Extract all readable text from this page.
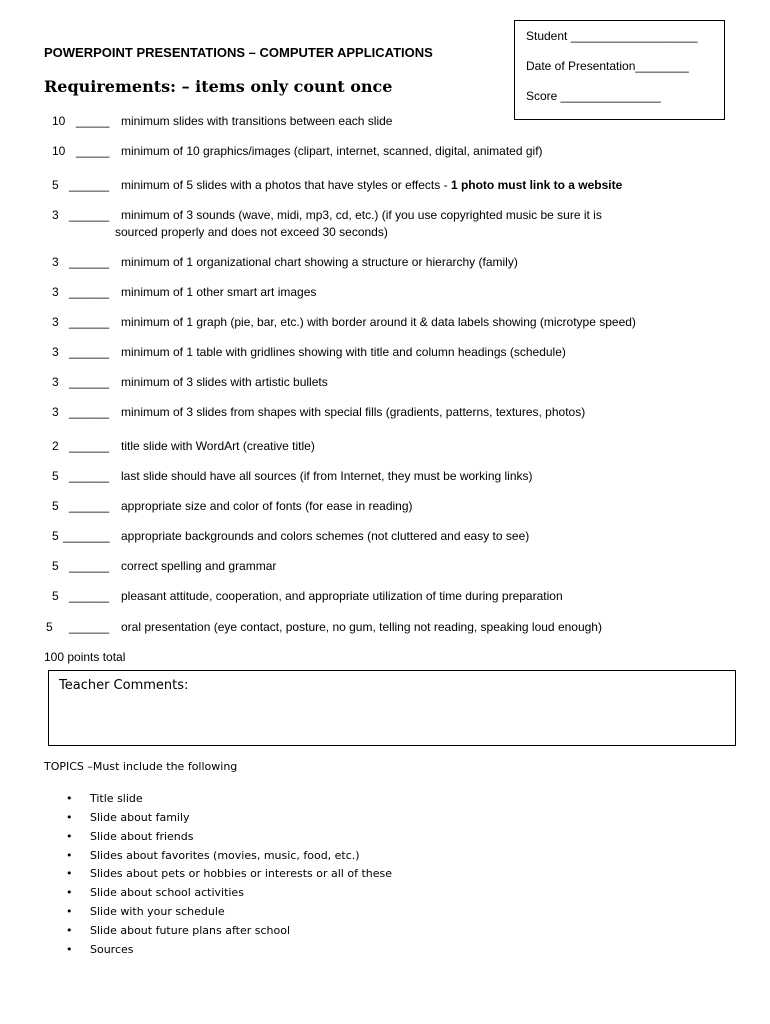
Student ___________________
Date of Presentation________
Score _______________
POWERPOINT PRESENTATIONS – COMPUTER APPLICATIONS
Requirements: – items only count once
10 _____ minimum slides with transitions between each slide
10 _____ minimum of 10 graphics/images (clipart, internet, scanned, digital, animated gif)
5 ______ minimum of 5 slides with a photos that have styles or effects - 1 photo must link to a website
3 ______ minimum of 3 sounds (wave, midi, mp3, cd, etc.) (if you use copyrighted music be sure it is
sourced properly and does not exceed 30 seconds)
3 ______ minimum of 1 organizational chart showing a structure or hierarchy (family)
3 ______ minimum of 1 other smart art images
3 ______ minimum of 1 graph (pie, bar, etc.) with border around it & data labels showing (microtype speed)
3 ______ minimum of 1 table with gridlines showing with title and column headings (schedule)
3 ______ minimum of 3 slides with artistic bullets
3 ______ minimum of 3 slides from shapes with special fills (gradients, patterns, textures, photos)
2 ______ title slide with WordArt (creative title)
5 ______ last slide should have all sources (if from Internet, they must be working links)
5 ______ appropriate size and color of fonts (for ease in reading)
5 _______ appropriate backgrounds and colors schemes (not cluttered and easy to see)
5 ______ correct spelling and grammar
5 ______ pleasant attitude, cooperation, and appropriate utilization of time during preparation
5 ______ oral presentation (eye contact, posture, no gum, telling not reading, speaking loud enough)
100 points total
Teacher Comments:
TOPICS –Must include the following
• Title slide
• Slide about family
• Slide about friends
• Slides about favorites (movies, music, food, etc.)
• Slides about pets or hobbies or interests or all of these
• Slide about school activities
• Slide with your schedule
• Slide about future plans after school
• Sources
